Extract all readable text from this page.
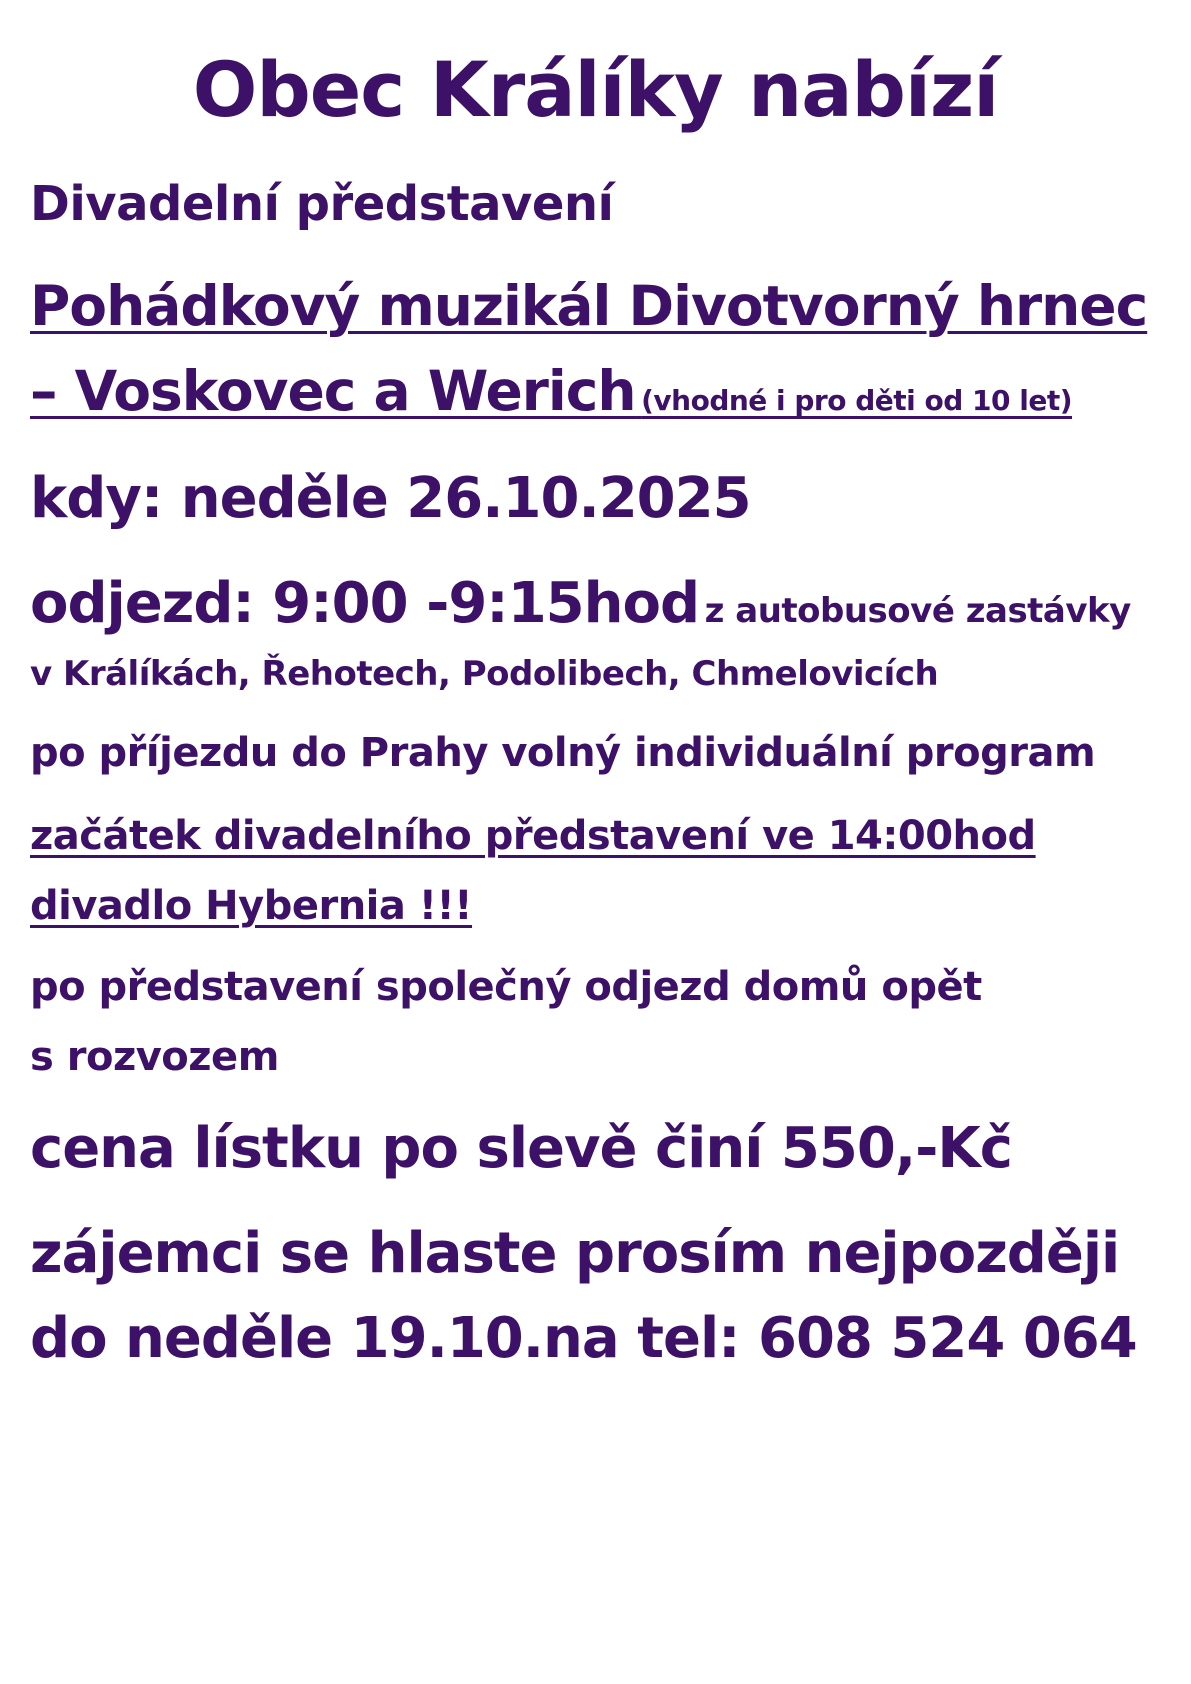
Obec Králíky nabízí
Divadelní představení
Pohádkový muzikál Divotvorný hrnec
– Voskovec a Werich (vhodné i pro děti od 10 let)
kdy: neděle 26.10.2025
odjezd: 9:00 -9:15hod z autobusové zastávky
v Králíkách, Řehotech, Podolibech, Chmelovicích
po příjezdu do Prahy volný individuální program
začátek divadelního představení ve 14:00hod
divadlo Hybernia !!!
po představení společný odjezd domů opět
s rozvozem
cena lístku po slevě činí 550,-Kč
zájemci se hlaste prosím nejpozději
do neděle 19.10.na tel: 608 524 064
